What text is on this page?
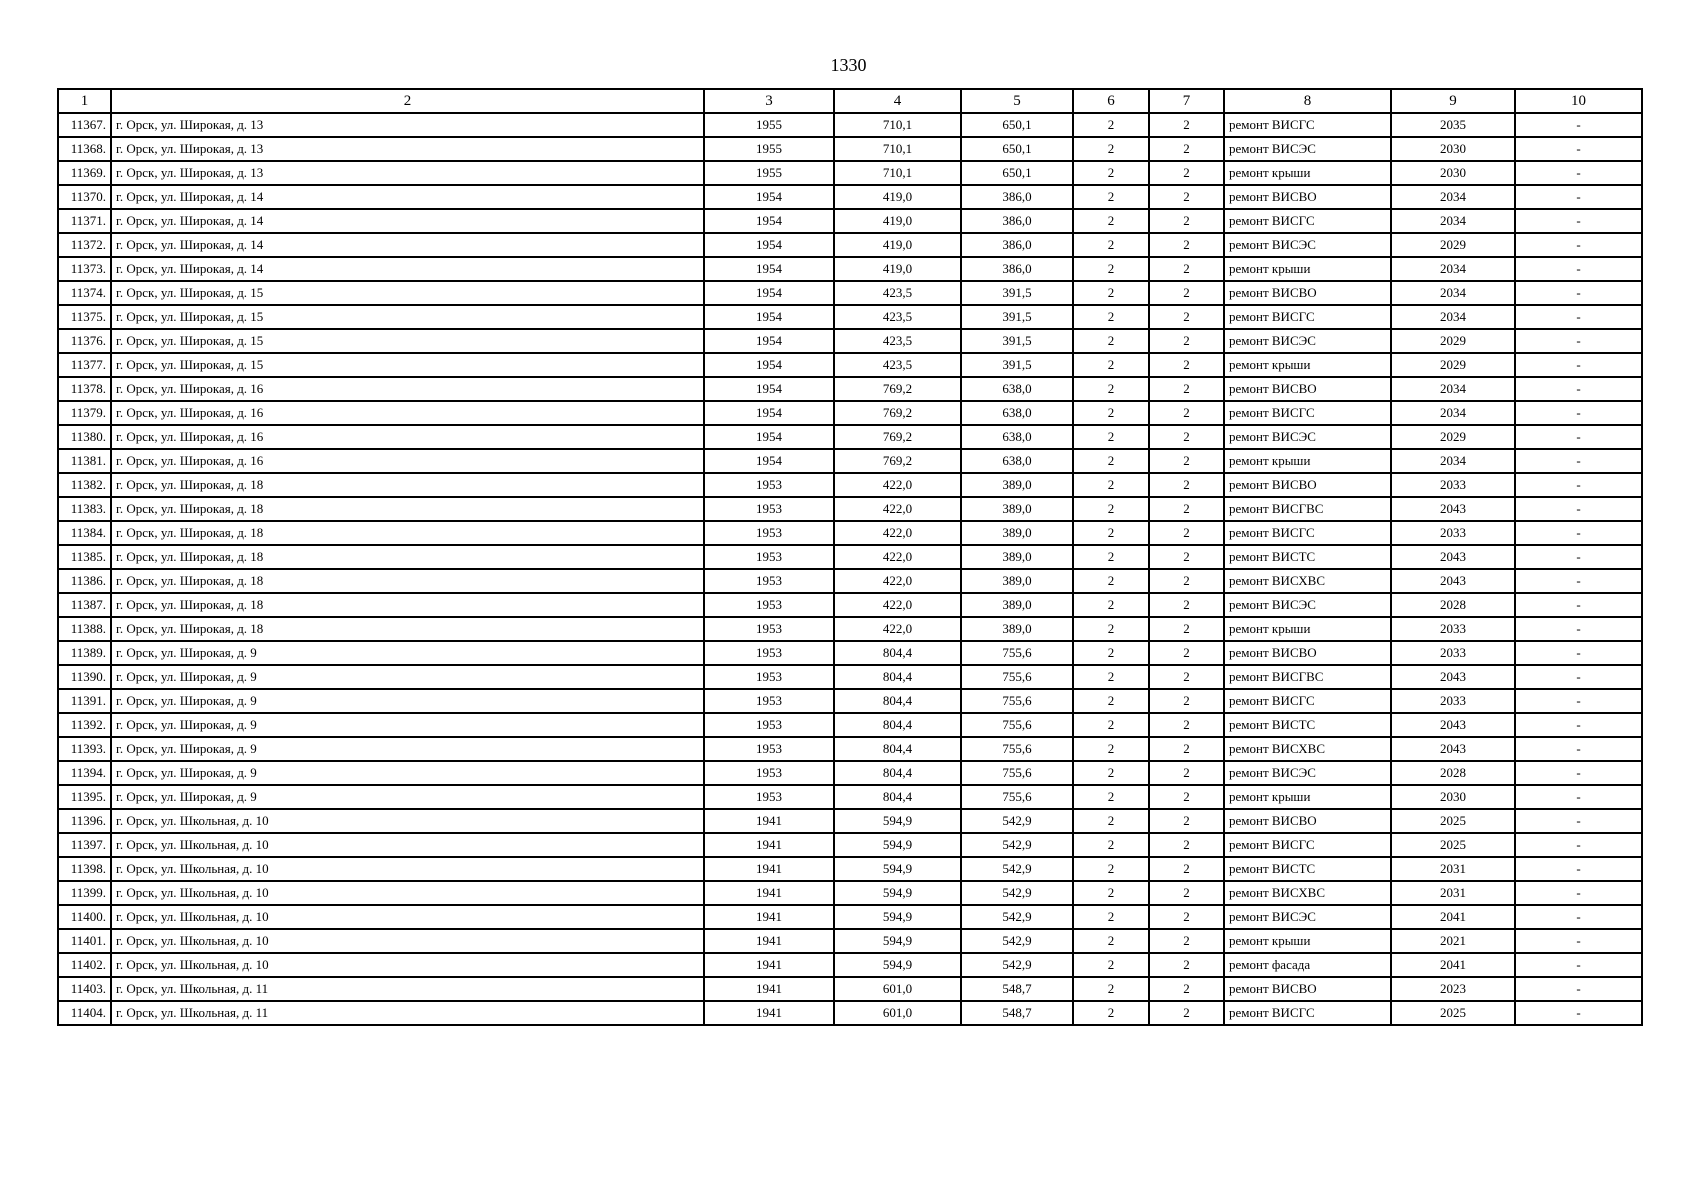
1330
1	2	3	4	5	6	7	8	9	10
11367.	г. Орск, ул. Широкая, д. 13	1955	710,1	650,1	2	2	ремонт ВИСГС	2035	-
11368.	г. Орск, ул. Широкая, д. 13	1955	710,1	650,1	2	2	ремонт ВИСЭС	2030	-
11369.	г. Орск, ул. Широкая, д. 13	1955	710,1	650,1	2	2	ремонт крыши	2030	-
11370.	г. Орск, ул. Широкая, д. 14	1954	419,0	386,0	2	2	ремонт ВИСВО	2034	-
11371.	г. Орск, ул. Широкая, д. 14	1954	419,0	386,0	2	2	ремонт ВИСГС	2034	-
11372.	г. Орск, ул. Широкая, д. 14	1954	419,0	386,0	2	2	ремонт ВИСЭС	2029	-
11373.	г. Орск, ул. Широкая, д. 14	1954	419,0	386,0	2	2	ремонт крыши	2034	-
11374.	г. Орск, ул. Широкая, д. 15	1954	423,5	391,5	2	2	ремонт ВИСВО	2034	-
11375.	г. Орск, ул. Широкая, д. 15	1954	423,5	391,5	2	2	ремонт ВИСГС	2034	-
11376.	г. Орск, ул. Широкая, д. 15	1954	423,5	391,5	2	2	ремонт ВИСЭС	2029	-
11377.	г. Орск, ул. Широкая, д. 15	1954	423,5	391,5	2	2	ремонт крыши	2029	-
11378.	г. Орск, ул. Широкая, д. 16	1954	769,2	638,0	2	2	ремонт ВИСВО	2034	-
11379.	г. Орск, ул. Широкая, д. 16	1954	769,2	638,0	2	2	ремонт ВИСГС	2034	-
11380.	г. Орск, ул. Широкая, д. 16	1954	769,2	638,0	2	2	ремонт ВИСЭС	2029	-
11381.	г. Орск, ул. Широкая, д. 16	1954	769,2	638,0	2	2	ремонт крыши	2034	-
11382.	г. Орск, ул. Широкая, д. 18	1953	422,0	389,0	2	2	ремонт ВИСВО	2033	-
11383.	г. Орск, ул. Широкая, д. 18	1953	422,0	389,0	2	2	ремонт ВИСГВС	2043	-
11384.	г. Орск, ул. Широкая, д. 18	1953	422,0	389,0	2	2	ремонт ВИСГС	2033	-
11385.	г. Орск, ул. Широкая, д. 18	1953	422,0	389,0	2	2	ремонт ВИСТС	2043	-
11386.	г. Орск, ул. Широкая, д. 18	1953	422,0	389,0	2	2	ремонт ВИСХВС	2043	-
11387.	г. Орск, ул. Широкая, д. 18	1953	422,0	389,0	2	2	ремонт ВИСЭС	2028	-
11388.	г. Орск, ул. Широкая, д. 18	1953	422,0	389,0	2	2	ремонт крыши	2033	-
11389.	г. Орск, ул. Широкая, д. 9	1953	804,4	755,6	2	2	ремонт ВИСВО	2033	-
11390.	г. Орск, ул. Широкая, д. 9	1953	804,4	755,6	2	2	ремонт ВИСГВС	2043	-
11391.	г. Орск, ул. Широкая, д. 9	1953	804,4	755,6	2	2	ремонт ВИСГС	2033	-
11392.	г. Орск, ул. Широкая, д. 9	1953	804,4	755,6	2	2	ремонт ВИСТС	2043	-
11393.	г. Орск, ул. Широкая, д. 9	1953	804,4	755,6	2	2	ремонт ВИСХВС	2043	-
11394.	г. Орск, ул. Широкая, д. 9	1953	804,4	755,6	2	2	ремонт ВИСЭС	2028	-
11395.	г. Орск, ул. Широкая, д. 9	1953	804,4	755,6	2	2	ремонт крыши	2030	-
11396.	г. Орск, ул. Школьная, д. 10	1941	594,9	542,9	2	2	ремонт ВИСВО	2025	-
11397.	г. Орск, ул. Школьная, д. 10	1941	594,9	542,9	2	2	ремонт ВИСГС	2025	-
11398.	г. Орск, ул. Школьная, д. 10	1941	594,9	542,9	2	2	ремонт ВИСТС	2031	-
11399.	г. Орск, ул. Школьная, д. 10	1941	594,9	542,9	2	2	ремонт ВИСХВС	2031	-
11400.	г. Орск, ул. Школьная, д. 10	1941	594,9	542,9	2	2	ремонт ВИСЭС	2041	-
11401.	г. Орск, ул. Школьная, д. 10	1941	594,9	542,9	2	2	ремонт крыши	2021	-
11402.	г. Орск, ул. Школьная, д. 10	1941	594,9	542,9	2	2	ремонт фасада	2041	-
11403.	г. Орск, ул. Школьная, д. 11	1941	601,0	548,7	2	2	ремонт ВИСВО	2023	-
11404.	г. Орск, ул. Школьная, д. 11	1941	601,0	548,7	2	2	ремонт ВИСГС	2025	-
